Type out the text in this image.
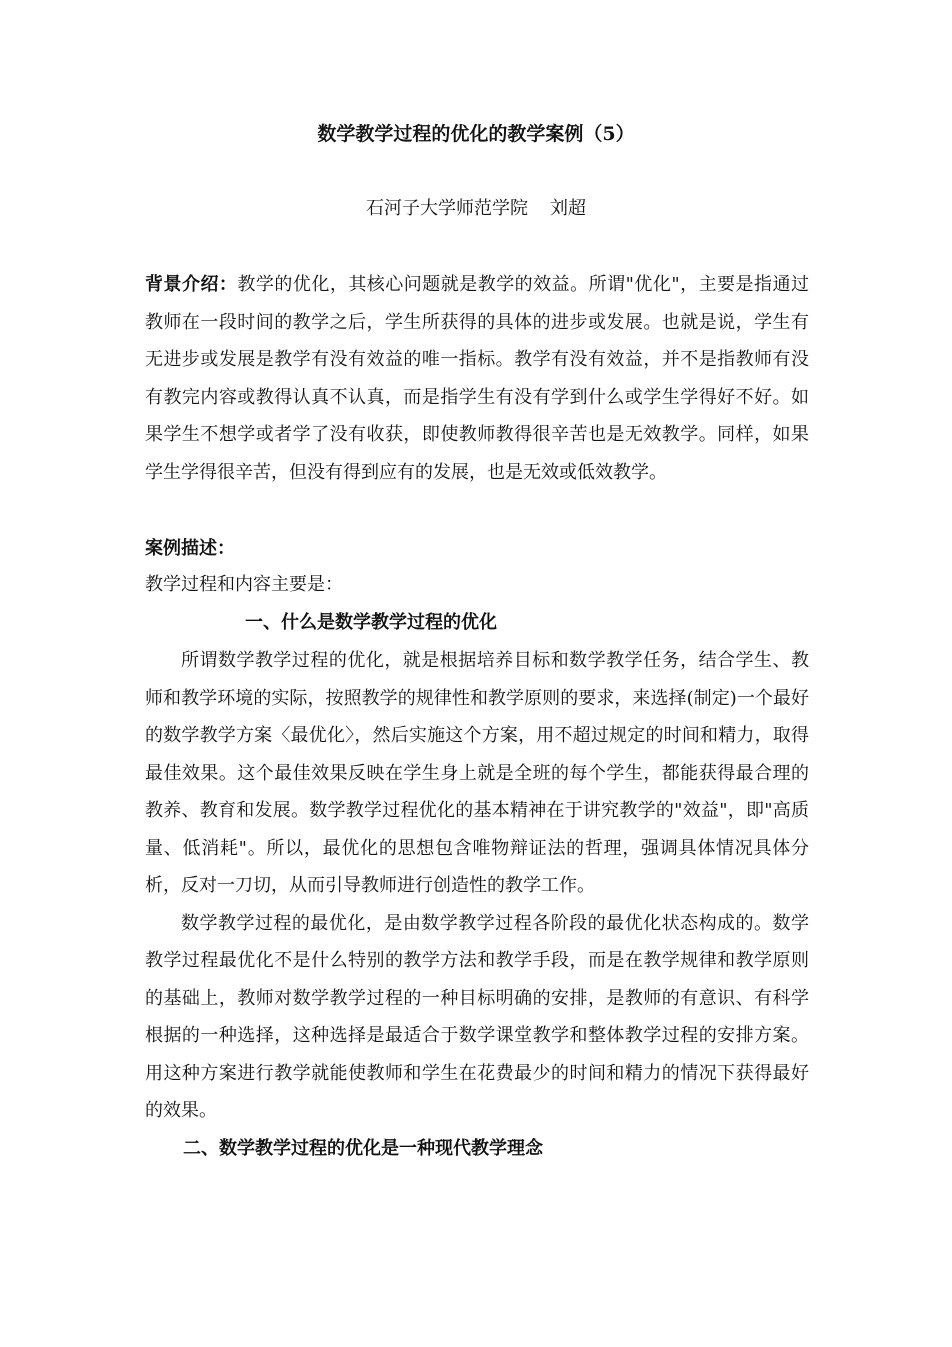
数学教学过程的优化的教学案例（5）
石河子大学师范学院 刘超

背景介绍：教学的优化，其核心问题就是教学的效益。所谓"优化"，主要是指通过教师在一段时间的教学之后，学生所获得的具体的进步或发展。也就是说，学生有无进步或发展是教学有没有效益的唯一指标。教学有没有效益，并不是指教师有没有教完内容或教得认真不认真，而是指学生有没有学到什么或学生学得好不好。如果学生不想学或者学了没有收获，即使教师教得很辛苦也是无效教学。同样，如果学生学得很辛苦，但没有得到应有的发展，也是无效或低效教学。

案例描述：
教学过程和内容主要是：
一、什么是数学教学过程的优化

所谓数学教学过程的优化，就是根据培养目标和数学教学任务，结合学生、教师和教学环境的实际，按照教学的规律性和教学原则的要求，来选择(制定)一个最好的数学教学方案〈最优化〉，然后实施这个方案，用不超过规定的时间和精力，取得最佳效果。这个最佳效果反映在学生身上就是全班的每个学生，都能获得最合理的教养、教育和发展。数学教学过程优化的基本精神在于讲究教学的"效益"，即"高质量、低消耗"。所以，最优化的思想包含唯物辩证法的哲理，强调具体情况具体分析，反对一刀切，从而引导教师进行创造性的教学工作。

数学教学过程的最优化，是由数学教学过程各阶段的最优化状态构成的。数学教学过程最优化不是什么特别的教学方法和教学手段，而是在教学规律和教学原则的基础上，教师对数学教学过程的一种目标明确的安排，是教师的有意识、有科学根据的一种选择，这种选择是最适合于数学课堂教学和整体教学过程的安排方案。用这种方案进行教学就能使教师和学生在花费最少的时间和精力的情况下获得最好的效果。

二、数学教学过程的优化是一种现代教学理念
